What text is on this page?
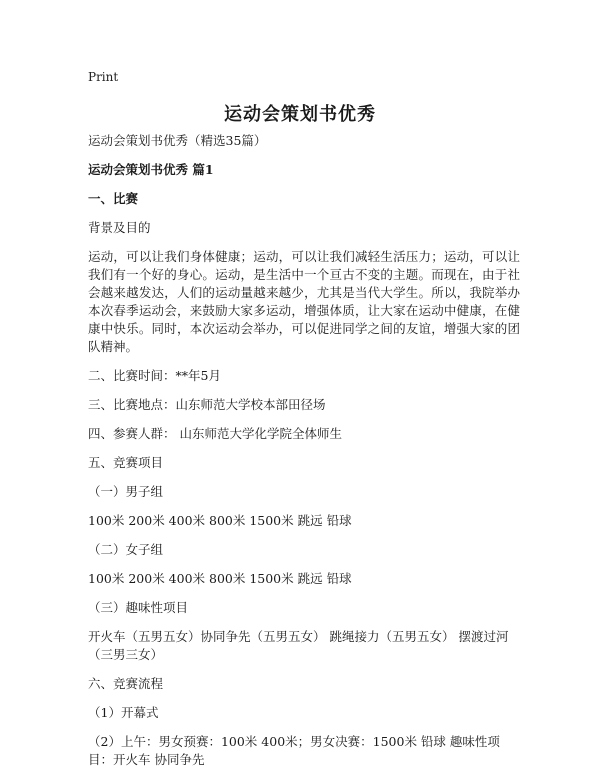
Print
运动会策划书优秀

运动会策划书优秀（精选35篇）

运动会策划书优秀 篇1

一、比赛

背景及目的

运动，可以让我们身体健康；运动，可以让我们减轻生活压力；运动，可以让我们有一个好的身心。运动，是生活中一个亘古不变的主题。而现在，由于社会越来越发达，人们的运动量越来越少，尤其是当代大学生。所以，我院举办本次春季运动会，来鼓励大家多运动，增强体质，让大家在运动中健康，在健康中快乐。同时，本次运动会举办，可以促进同学之间的友谊，增强大家的团队精神。

二、比赛时间：**年5月

三、比赛地点：山东师范大学校本部田径场

四、参赛人群： 山东师范大学化学院全体师生

五、竞赛项目

（一）男子组

100米 200米 400米 800米 1500米 跳远 铅球

（二）女子组

100米 200米 400米 800米 1500米 跳远 铅球

（三）趣味性项目

开火车（五男五女）协同争先（五男五女） 跳绳接力（五男五女） 摆渡过河（三男三女）

六、竞赛流程

（1）开幕式

（2）上午：男女预赛：100米 400米；男女决赛：1500米 铅球 趣味性项目：开火车 协同争先
